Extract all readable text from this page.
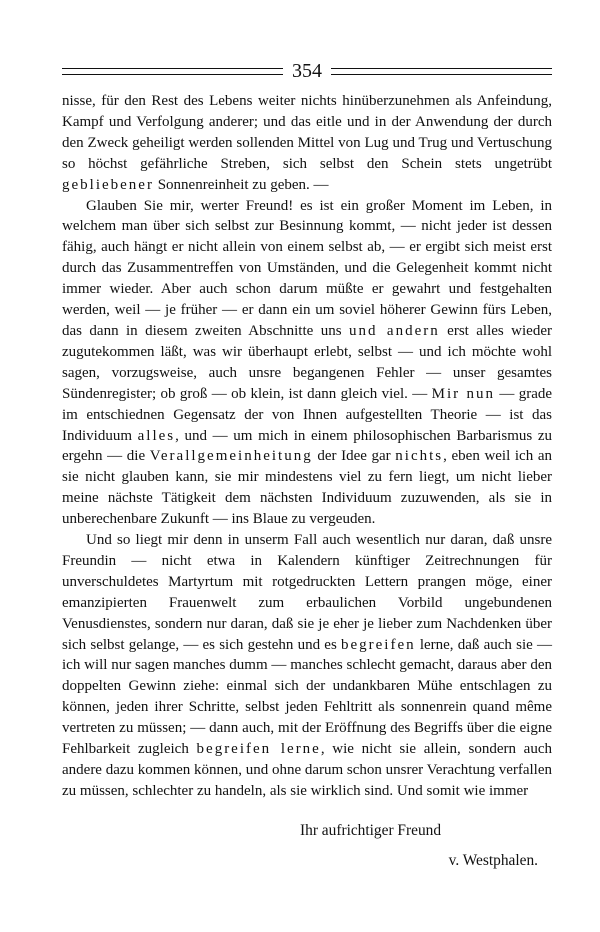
354

nisse, für den Rest des Lebens weiter nichts hinüberzunehmen als Anfeindung, Kampf und Verfolgung anderer; und das eitle und in der Anwendung der durch den Zweck geheiligt werden sollenden Mittel von Lug und Trug und Vertuschung so höchst gefährliche Streben, sich selbst den Schein stets ungetrübt gebliebener Sonnenreinheit zu geben. —

Glauben Sie mir, werter Freund! es ist ein großer Moment im Leben, in welchem man über sich selbst zur Besinnung kommt, — nicht jeder ist dessen fähig, auch hängt er nicht allein von einem selbst ab, — er ergibt sich meist erst durch das Zusammentreffen von Umständen, und die Gelegenheit kommt nicht immer wieder. Aber auch schon darum müßte er gewahrt und festgehalten werden, weil — je früher — er dann ein um soviel höherer Gewinn fürs Leben, das dann in diesem zweiten Abschnitte uns und andern erst alles wieder zugutekommen läßt, was wir überhaupt erlebt, selbst — und ich möchte wohl sagen, vorzugsweise, auch unsre begangenen Fehler — unser gesamtes Sündenregister; ob groß — ob klein, ist dann gleich viel. — Mir nun — grade im entschiednen Gegensatz der von Ihnen aufgestellten Theorie — ist das Individuum alles, und — um mich in einem philosophischen Barbarismus zu ergehn — die Verallgemeinheitung der Idee gar nichts, eben weil ich an sie nicht glauben kann, sie mir mindestens viel zu fern liegt, um nicht lieber meine nächste Tätigkeit dem nächsten Individuum zuzuwenden, als sie in unberechenbare Zukunft — ins Blaue zu vergeuden.

Und so liegt mir denn in unserm Fall auch wesentlich nur daran, daß unsre Freundin — nicht etwa in Kalendern künftiger Zeitrechnungen für unverschuldetes Martyrtum mit rotgedruckten Lettern prangen möge, einer emanzipierten Frauenwelt zum erbaulichen Vorbild ungebundenen Venusdienstes, sondern nur daran, daß sie je eher je lieber zum Nachdenken über sich selbst gelange, — es sich gestehn und es begreifen lerne, daß auch sie — ich will nur sagen manches dumm — manches schlecht gemacht, daraus aber den doppelten Gewinn ziehe: einmal sich der undankbaren Mühe entschlagen zu können, jeden ihrer Schritte, selbst jeden Fehltritt als sonnenrein quand même vertreten zu müssen; — dann auch, mit der Eröffnung des Begriffs über die eigne Fehlbarkeit zugleich begreifen lerne, wie nicht sie allein, sondern auch andere dazu kommen können, und ohne darum schon unsrer Verachtung verfallen zu müssen, schlechter zu handeln, als sie wirklich sind. Und somit wie immer

Ihr aufrichtiger Freund
v. Westphalen.
